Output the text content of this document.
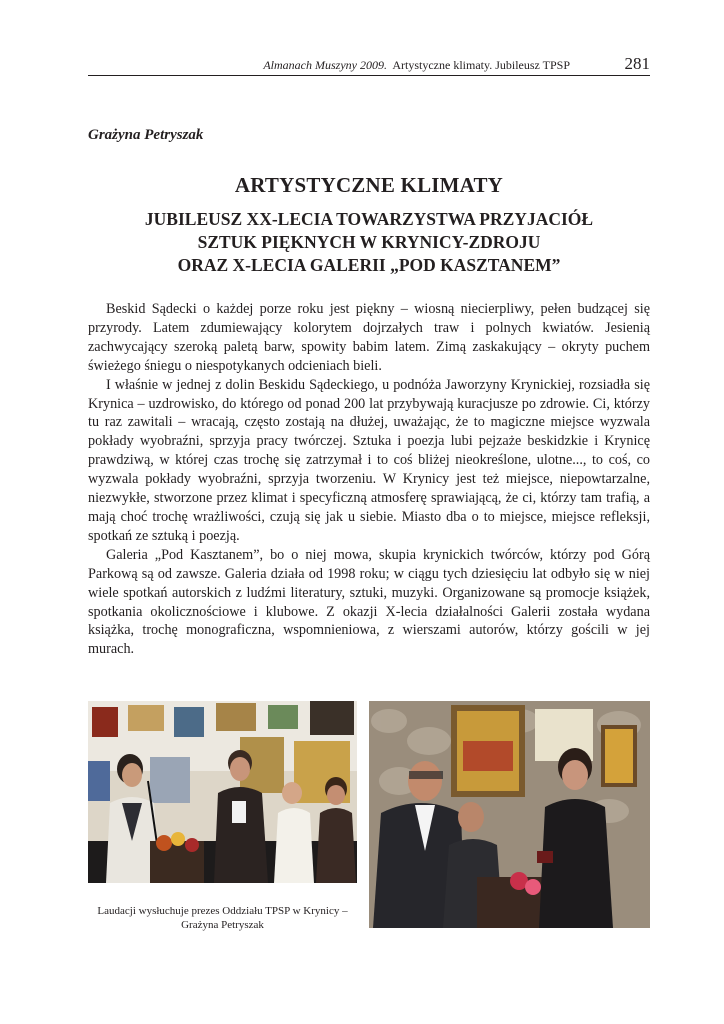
Almanach Muszyny 2009. Artystyczne klimaty. Jubileusz TPSP	281
Grażyna Petryszak
ARTYSTYCZNE KLIMATY
JUBILEUSZ XX-LECIA TOWARZYSTWA PRZYJACIÓŁ
SZTUK PIĘKNYCH W KRYNICY-ZDROJU
ORAZ X-LECIA GALERII „POD KASZTANEM”

Beskid Sądecki o każdej porze roku jest piękny – wiosną niecierpliwy, pełen budzącej się przyrody. Latem zdumiewający kolorytem dojrzałych traw i polnych kwiatów. Jesienią zachwycający szeroką paletą barw, spowity babim latem. Zimą zaskakujący – okryty puchem świeżego śniegu o niespotykanych odcieniach bieli.

I właśnie w jednej z dolin Beskidu Sądeckiego, u podnóża Jaworzyny Krynickiej, rozsiadła się Krynica – uzdrowisko, do którego od ponad 200 lat przybywają kuracjusze po zdrowie. Ci, którzy tu raz zawitali – wracają, często zostają na dłużej, uważając, że to magiczne miejsce wyzwala pokłady wyobraźni, sprzyja pracy twórczej. Sztuka i poezja lubi pejzaże beskidzkie i Krynicę prawdziwą, w której czas trochę się zatrzymał i to coś bliżej nieokreślone, ulotne..., to coś, co wyzwala pokłady wyobraźni, sprzyja tworzeniu. W Krynicy jest też miejsce, niepowtarzalne, niezwykłe, stworzone przez klimat i specyficzną atmosferę sprawiającą, że ci, którzy tam trafią, a mają choć trochę wrażliwości, czują się jak u siebie. Miasto dba o to miejsce, miejsce refleksji, spotkań ze sztuką i poezją.

Galeria „Pod Kasztanem”, bo o niej mowa, skupia krynickich twórców, którzy pod Górą Parkową są od zawsze. Galeria działa od 1998 roku; w ciągu tych dziesięciu lat odbyło się w niej wiele spotkań autorskich z ludźmi literatury, sztuki, muzyki. Organizowane są promocje książek, spotkania okolicznościowe i klubowe. Z okazji X-lecia działalności Galerii została wydana książka, trochę monograficzna, wspomnieniowa, z wierszami autorów, którzy gościli w jej murach.

Laudacji wysłuchuje prezes Oddziału TPSP w Krynicy – Grażyna Petryszak
